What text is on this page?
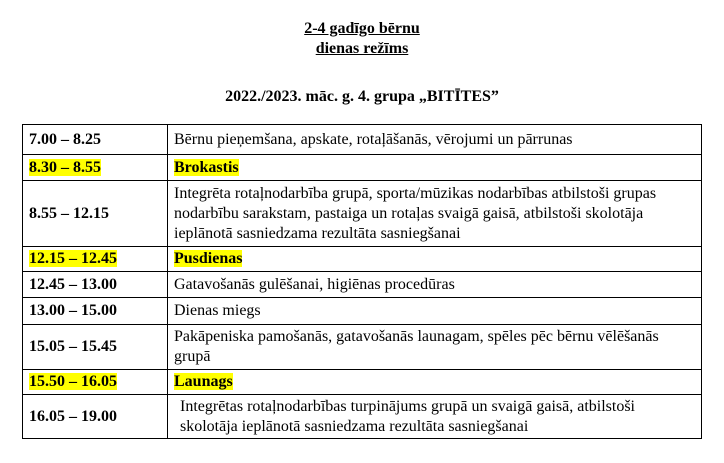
2-4 gadīgo bērnu
dienas režīms
2022./2023. māc. g. 4. grupa „BITĪTES”
7.00 – 8.25	Bērnu pieņemšana, apskate, rotaļāšanās, vērojumi un pārrunas
8.30 – 8.55	Brokastis
8.55 – 12.15	Integrēta rotaļnodarbība grupā, sporta/mūzikas nodarbības atbilstoši grupas nodarbību sarakstam, pastaiga un rotaļas svaigā gaisā, atbilstoši skolotāja ieplānotā sasniedzama rezultāta sasniegšanai
12.15 – 12.45	Pusdienas
12.45 – 13.00	Gatavošanās gulēšanai, higiēnas procedūras
13.00 – 15.00	Dienas miegs
15.05 – 15.45	Pakāpeniska pamošanās, gatavošanās launagam, spēles pēc bērnu vēlēšanās grupā
15.50 – 16.05	Launags
16.05 – 19.00	Integrētas rotaļnodarbības turpinājums grupā un svaigā gaisā, atbilstoši skolotāja ieplānotā sasniedzama rezultāta sasniegšanai
